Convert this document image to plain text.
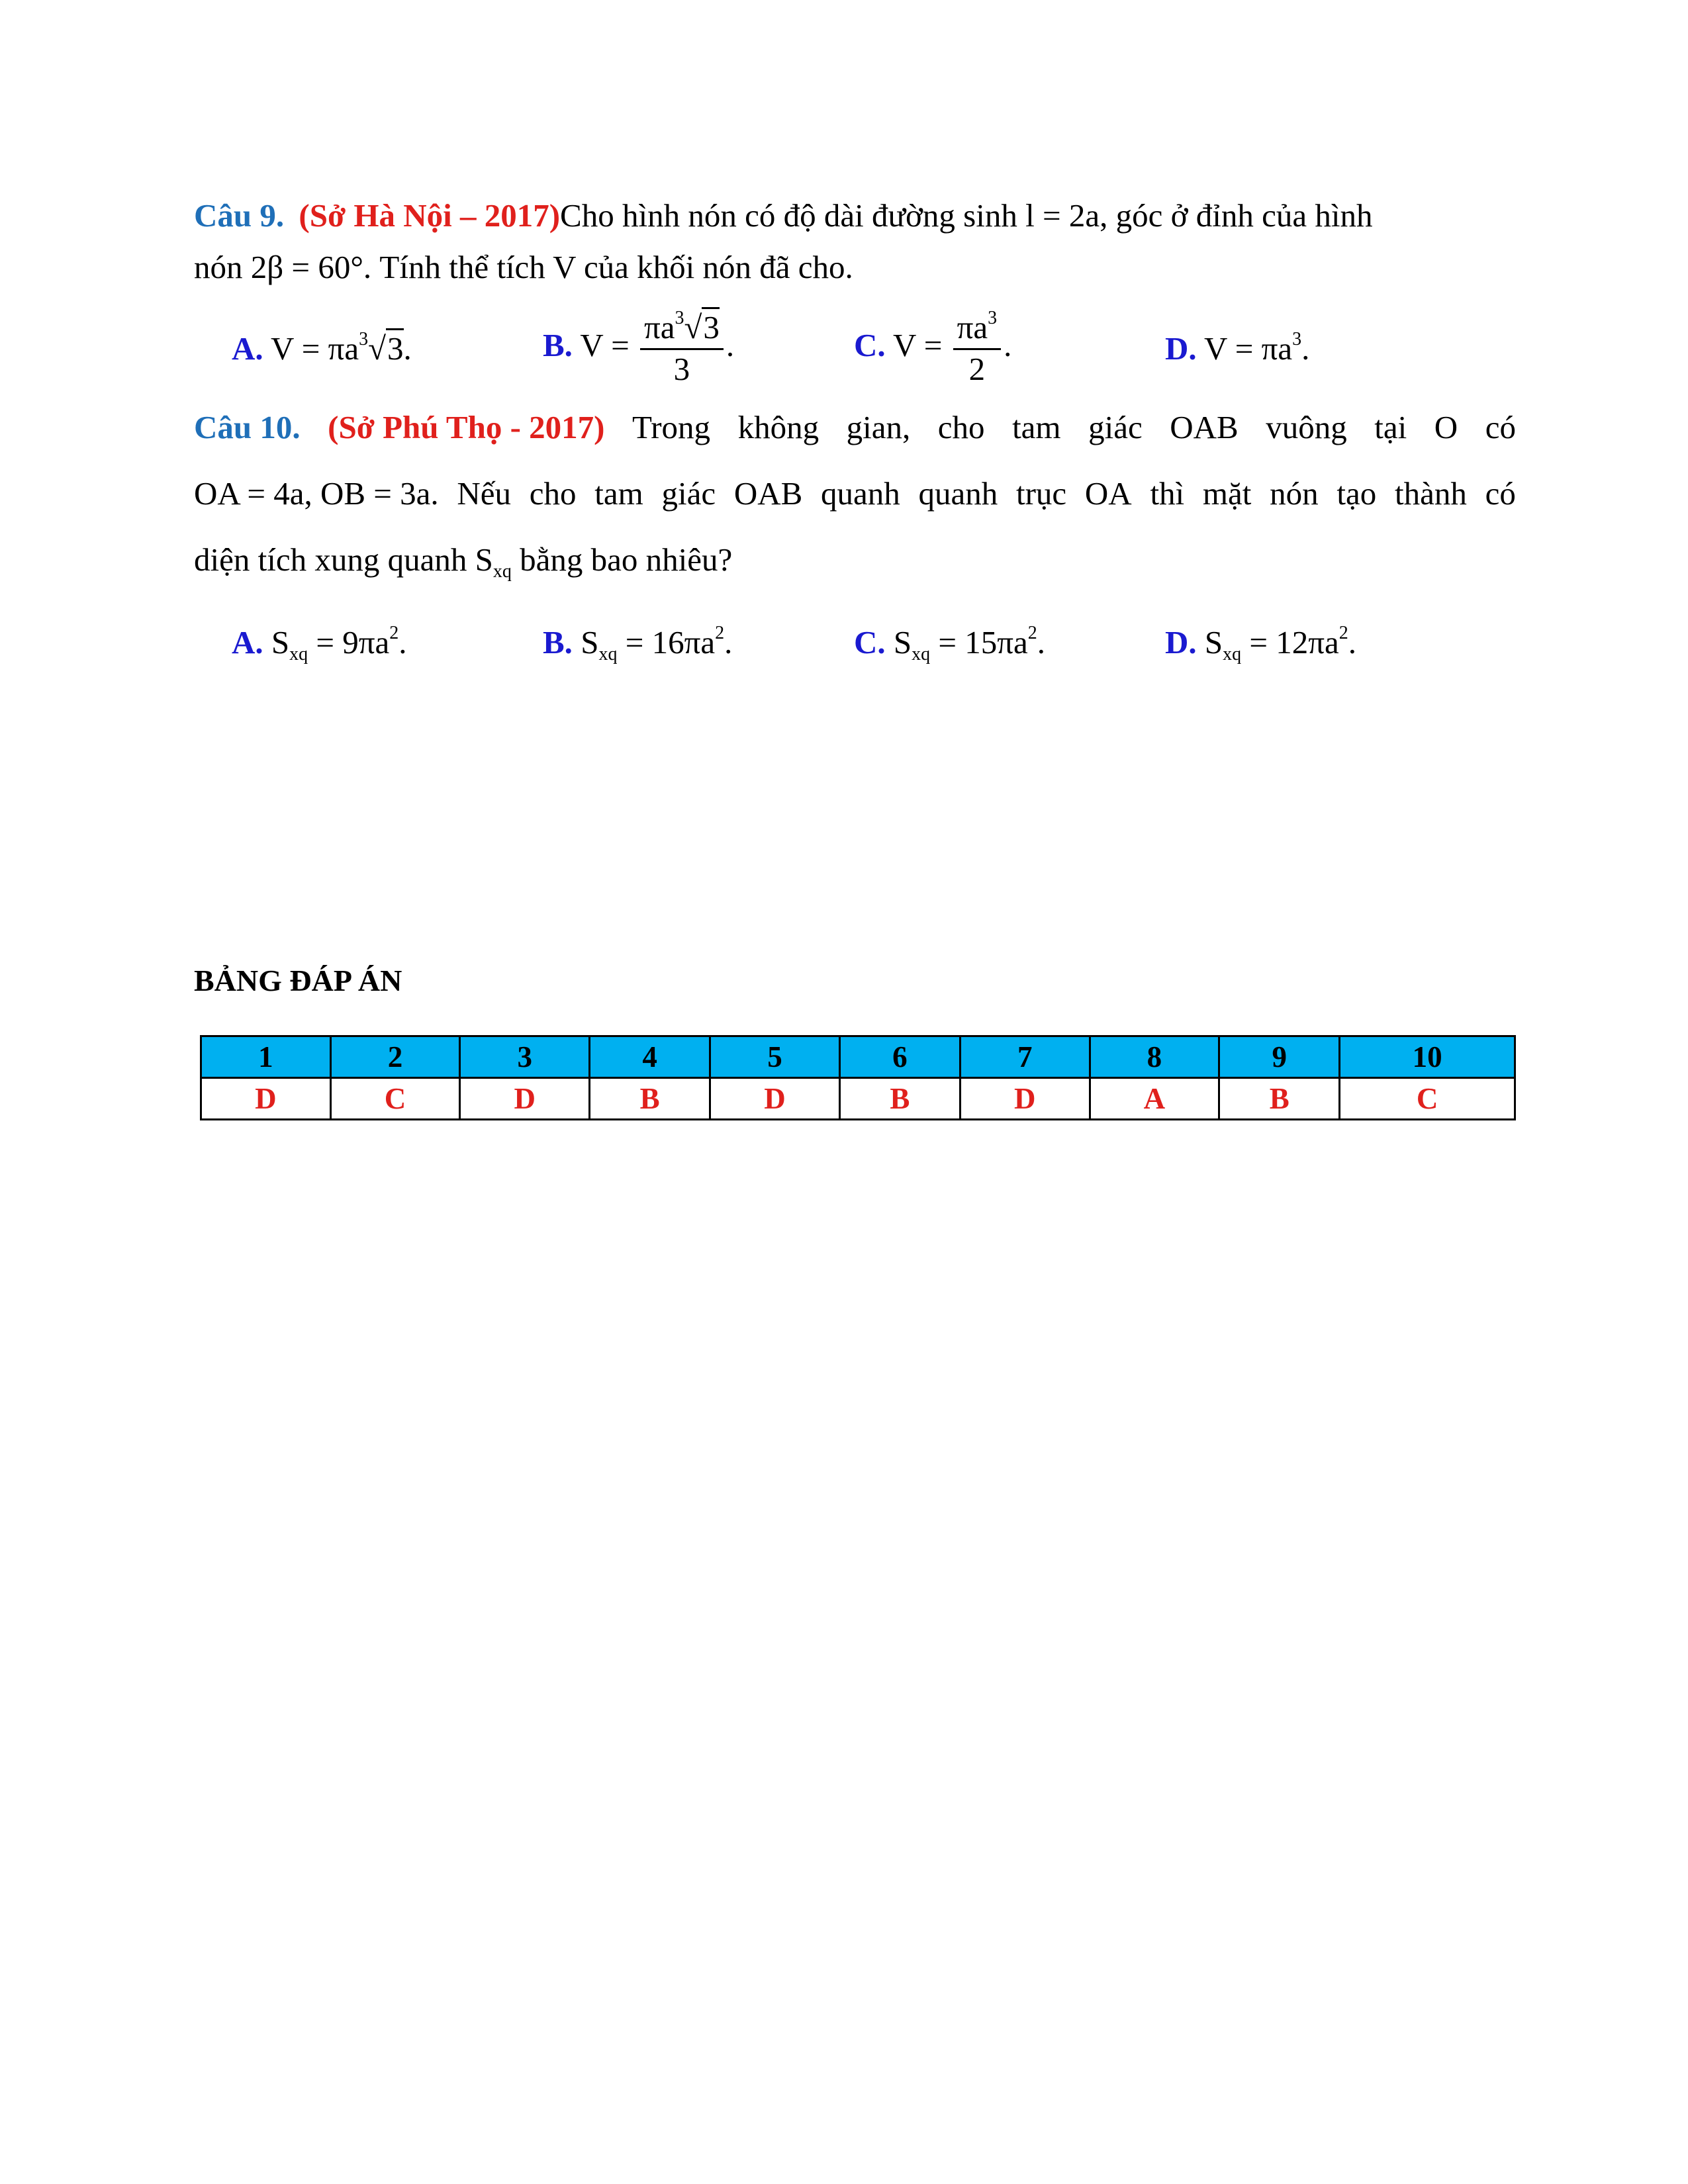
Câu 9. (Sở Hà Nội – 2017)Cho hình nón có độ dài đường sinh l = 2a, góc ở đỉnh của hình
nón 2β = 60°. Tính thể tích V của khối nón đã cho.
A. $V = \pi a^3√3$.	B. $V = \frac{\pi a^3√3}{3}$ .	C. $V = \frac{\pi a^3}{2}$ .	D. $V = \pi a^3$.
Câu 10. (Sở Phú Thọ - 2017) Trong không gian, cho tam giác OAB vuông tại O có
OA = 4a, OB = 3a. Nếu cho tam giác OAB quanh quanh trục OA thì mặt nón tạo thành có
diện tích xung quanh $S_{xq}$ bằng bao nhiêu?
A. $S_{xq} = 9\pi a^2$.	B. $S_{xq} = 16\pi a^2$.	C. $S_{xq} = 15\pi a^2$.	D. $S_{xq} = 12\pi a^2$.
BẢNG ĐÁP ÁN
1	2	3	4	5	6	7	8	9	10
D	C	D	B	D	B	D	A	B	C
